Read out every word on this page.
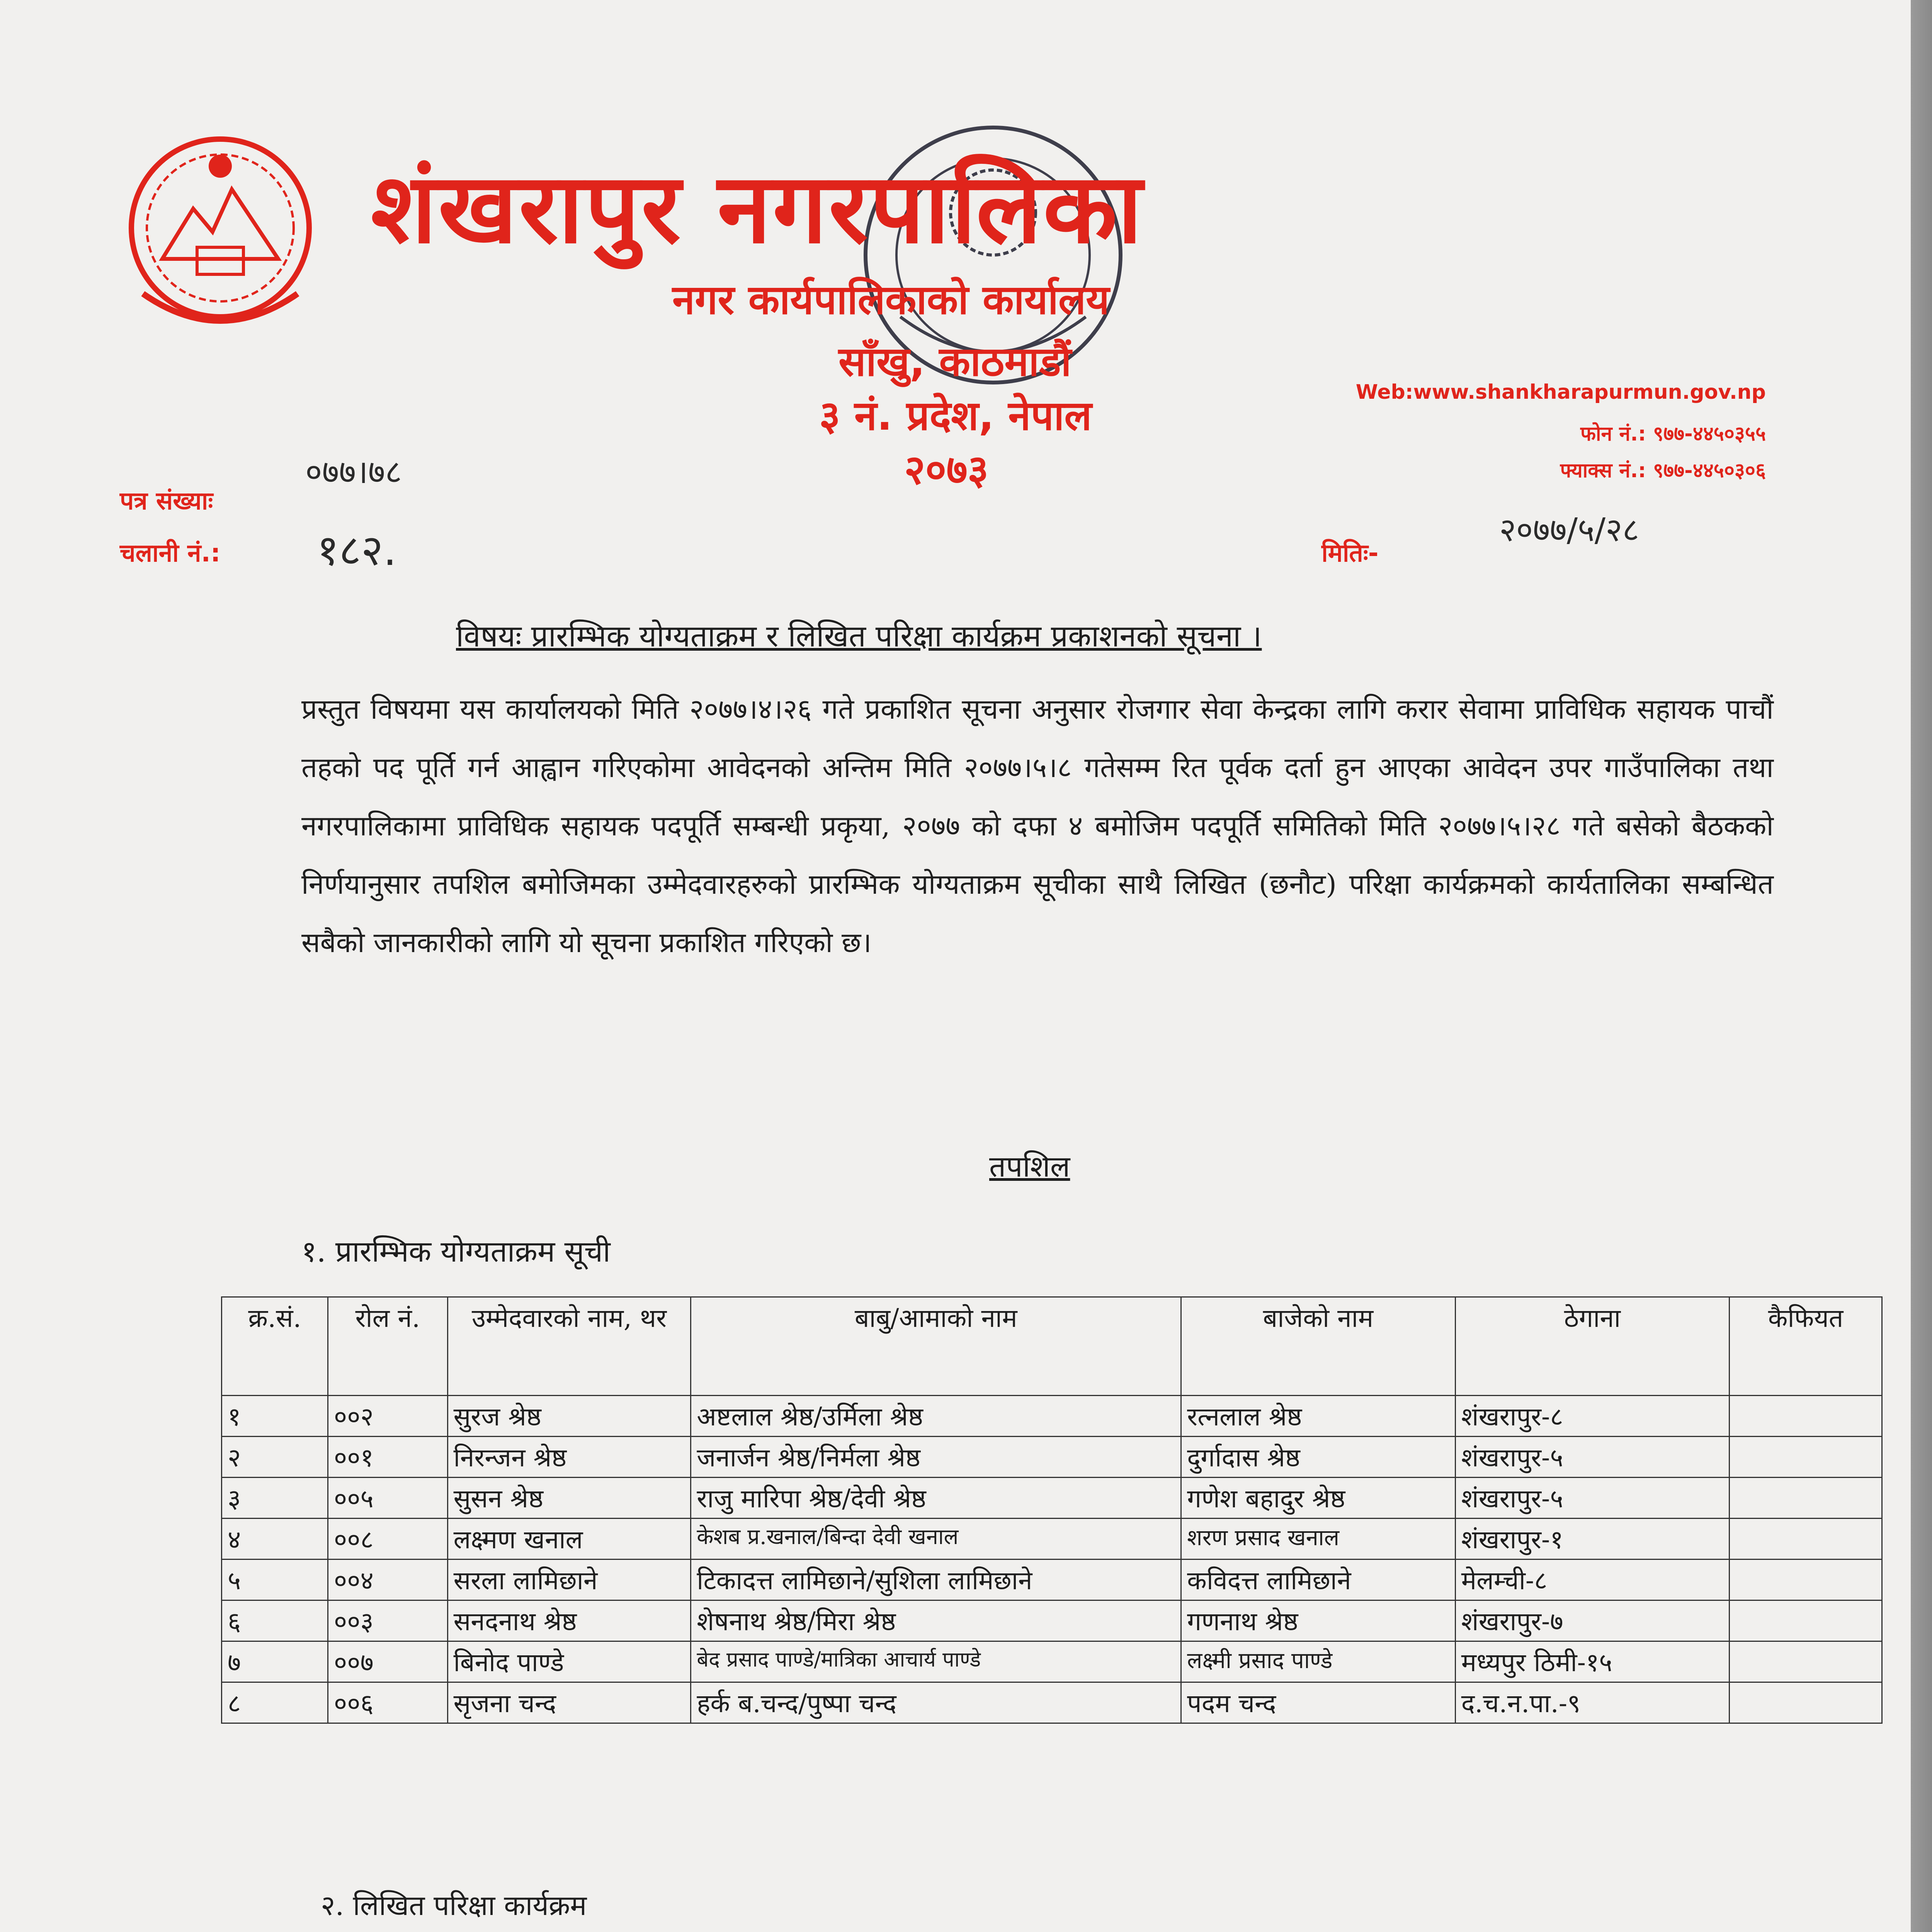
शंखरापुर नगरपालिका
नगर कार्यपालिकाको कार्यालय
साँखु, काठमाडौं
३ नं. प्रदेश, नेपाल
२०७३
Web:www.shankharapurmun.gov.np
फोन नं.: ९७७-४४५०३५५
फ्याक्स नं.: ९७७-४४५०३०६
पत्र संख्याः
०७७।७८
चलानी नं.: १८२.	मितिः-
२०७७/५/२८
विषयः प्रारम्भिक योग्यताक्रम र लिखित परिक्षा कार्यक्रम प्रकाशनको सूचना ।
प्रस्तुत विषयमा यस कार्यालयको मिति २०७७।४।२६ गते प्रकाशित सूचना अनुसार रोजगार सेवा केन्द्रका लागि करार सेवामा प्राविधिक सहायक पाचौं तहको पद पूर्ति गर्न आह्वान गरिएकोमा आवेदनको अन्तिम मिति २०७७।५।८ गतेसम्म रित पूर्वक दर्ता हुन आएका आवेदन उपर गाउँपालिका तथा नगरपालिकामा प्राविधिक सहायक पदपूर्ति सम्बन्धी प्रकृया, २०७७ को दफा ४ बमोजिम पदपूर्ति समितिको मिति २०७७।५।२८ गते बसेको बैठकको निर्णयानुसार तपशिल बमोजिमका उम्मेदवारहरुको प्रारम्भिक योग्यताक्रम सूचीका साथै लिखित (छनौट) परिक्षा कार्यक्रमको कार्यतालिका सम्बन्धित सबैको जानकारीको लागि यो सूचना प्रकाशित गरिएको छ।
तपशिल
१. प्रारम्भिक योग्यताक्रम सूची
क्र.सं.	रोल नं.	उम्मेदवारको नाम, थर	बाबु/आमाको नाम	बाजेको नाम	ठेगाना	कैफियत
१	००२	सुरज श्रेष्ठ	अष्टलाल श्रेष्ठ/उर्मिला श्रेष्ठ	रत्नलाल श्रेष्ठ	शंखरापुर-८	
२	००१	निरन्जन श्रेष्ठ	जनार्जन श्रेष्ठ/निर्मला श्रेष्ठ	दुर्गादास श्रेष्ठ	शंखरापुर-५	
३	००५	सुसन श्रेष्ठ	राजु मारिपा श्रेष्ठ/देवी श्रेष्ठ	गणेश बहादुर श्रेष्ठ	शंखरापुर-५	
४	००८	लक्ष्मण खनाल	केशब प्र.खनाल/बिन्दा देवी खनाल	शरण प्रसाद खनाल	शंखरापुर-१	
५	००४	सरला लामिछाने	टिकादत्त लामिछाने/सुशिला लामिछाने	कविदत्त लामिछाने	मेलम्ची-८	
६	००३	सनदनाथ श्रेष्ठ	शेषनाथ श्रेष्ठ/मिरा श्रेष्ठ	गणनाथ श्रेष्ठ	शंखरापुर-७	
७	००७	बिनोद पाण्डे	बेद प्रसाद पाण्डे/मात्रिका आचार्य पाण्डे	लक्ष्मी प्रसाद पाण्डे	मध्यपुर ठिमी-१५	
८	००६	सृजना चन्द	हर्क ब.चन्द/पुष्पा चन्द	पदम चन्द	द.च.न.पा.-९	
२. लिखित परिक्षा कार्यक्रम
